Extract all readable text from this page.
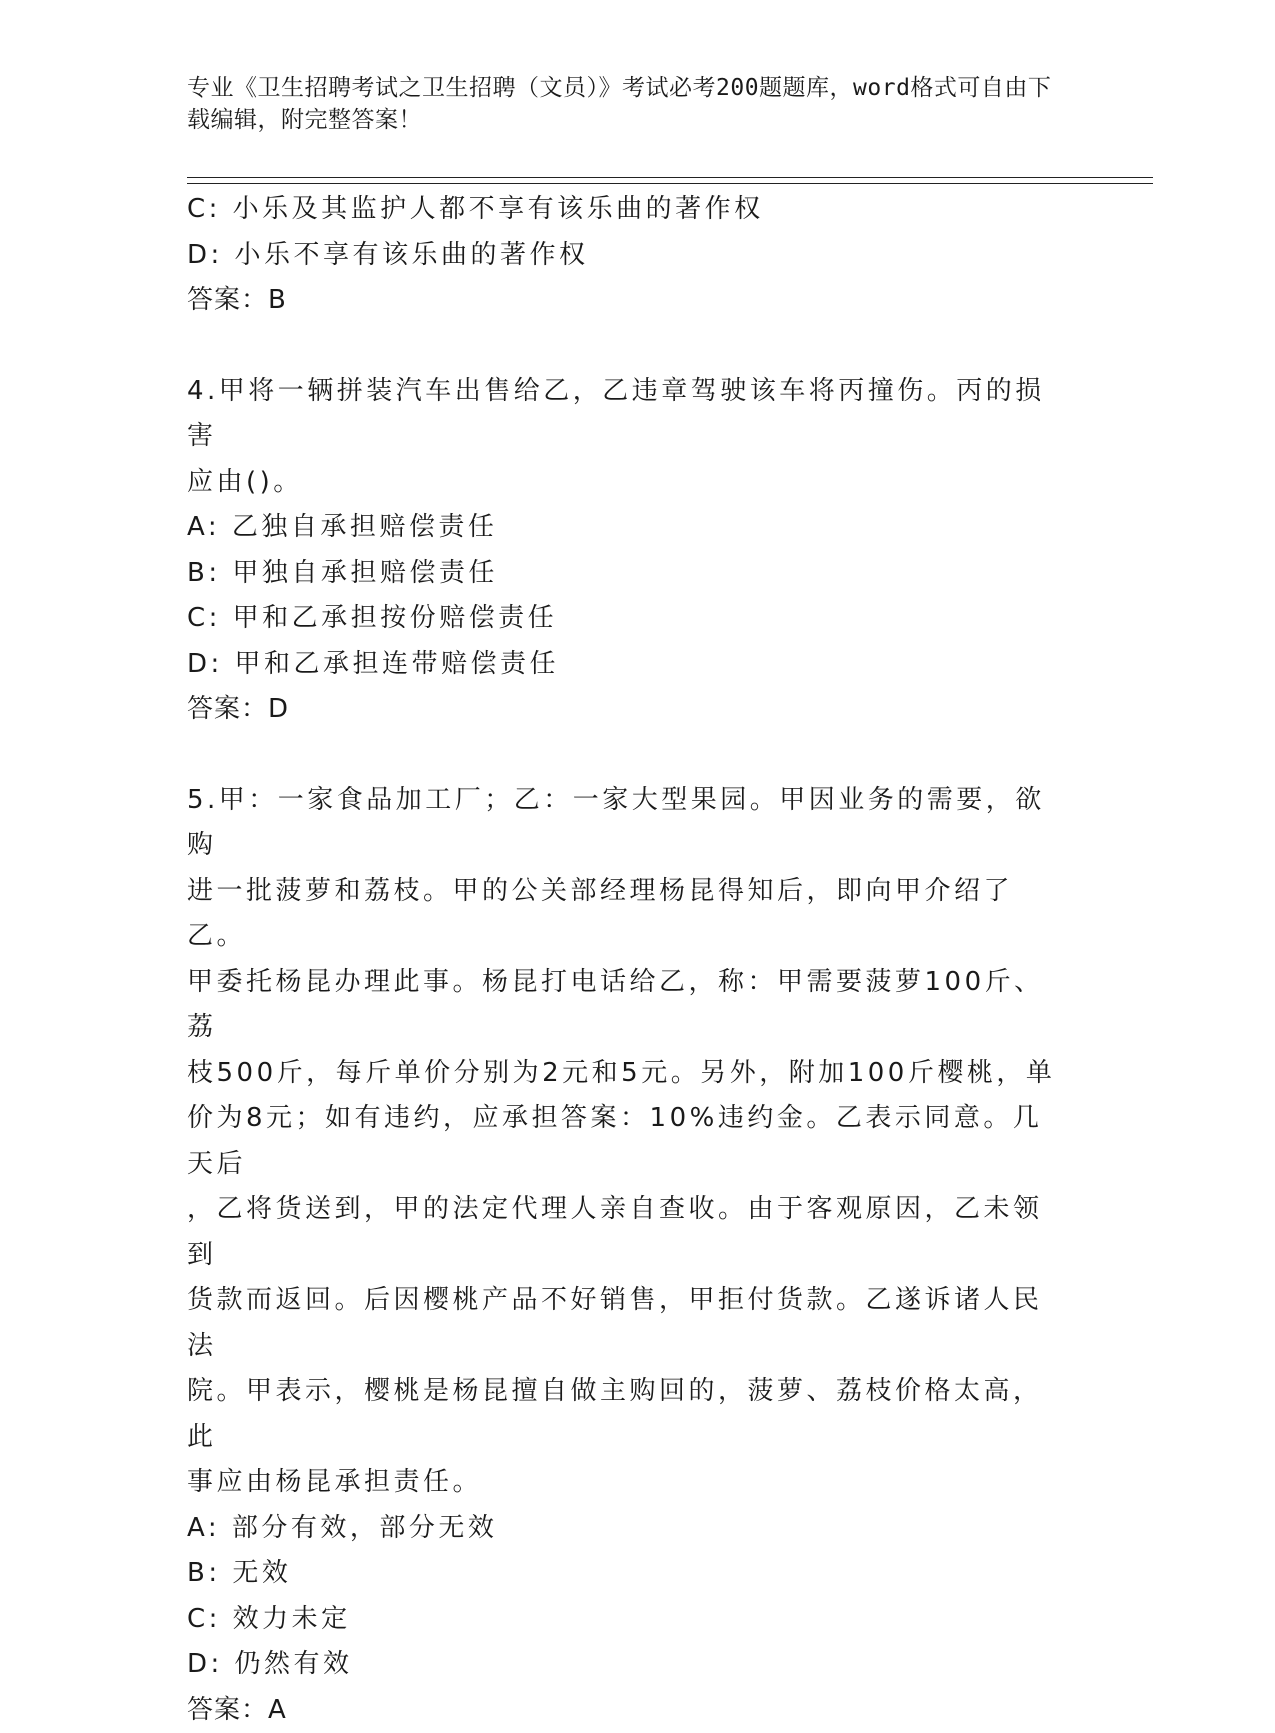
专业《卫生招聘考试之卫生招聘（文员）》考试必考200题题库，word格式可自由下载编辑，附完整答案！
C: 小乐及其监护人都不享有该乐曲的著作权
D: 小乐不享有该乐曲的著作权
答案：B
4.甲将一辆拼装汽车出售给乙，乙违章驾驶该车将丙撞伤。丙的损害
应由()。
A: 乙独自承担赔偿责任
B: 甲独自承担赔偿责任
C: 甲和乙承担按份赔偿责任
D: 甲和乙承担连带赔偿责任
答案：D
5.甲：一家食品加工厂；乙：一家大型果园。甲因业务的需要，欲购
进一批菠萝和荔枝。甲的公关部经理杨昆得知后，即向甲介绍了乙。
甲委托杨昆办理此事。杨昆打电话给乙，称：甲需要菠萝100斤、荔
枝500斤，每斤单价分别为2元和5元。另外，附加100斤樱桃，单
价为8元；如有违约，应承担答案：10%违约金。乙表示同意。几天后
，乙将货送到，甲的法定代理人亲自查收。由于客观原因，乙未领到
货款而返回。后因樱桃产品不好销售，甲拒付货款。乙遂诉诸人民法
院。甲表示，樱桃是杨昆擅自做主购回的，菠萝、荔枝价格太高，此
事应由杨昆承担责任。
A: 部分有效，部分无效
B: 无效
C: 效力未定
D: 仍然有效
答案：A
